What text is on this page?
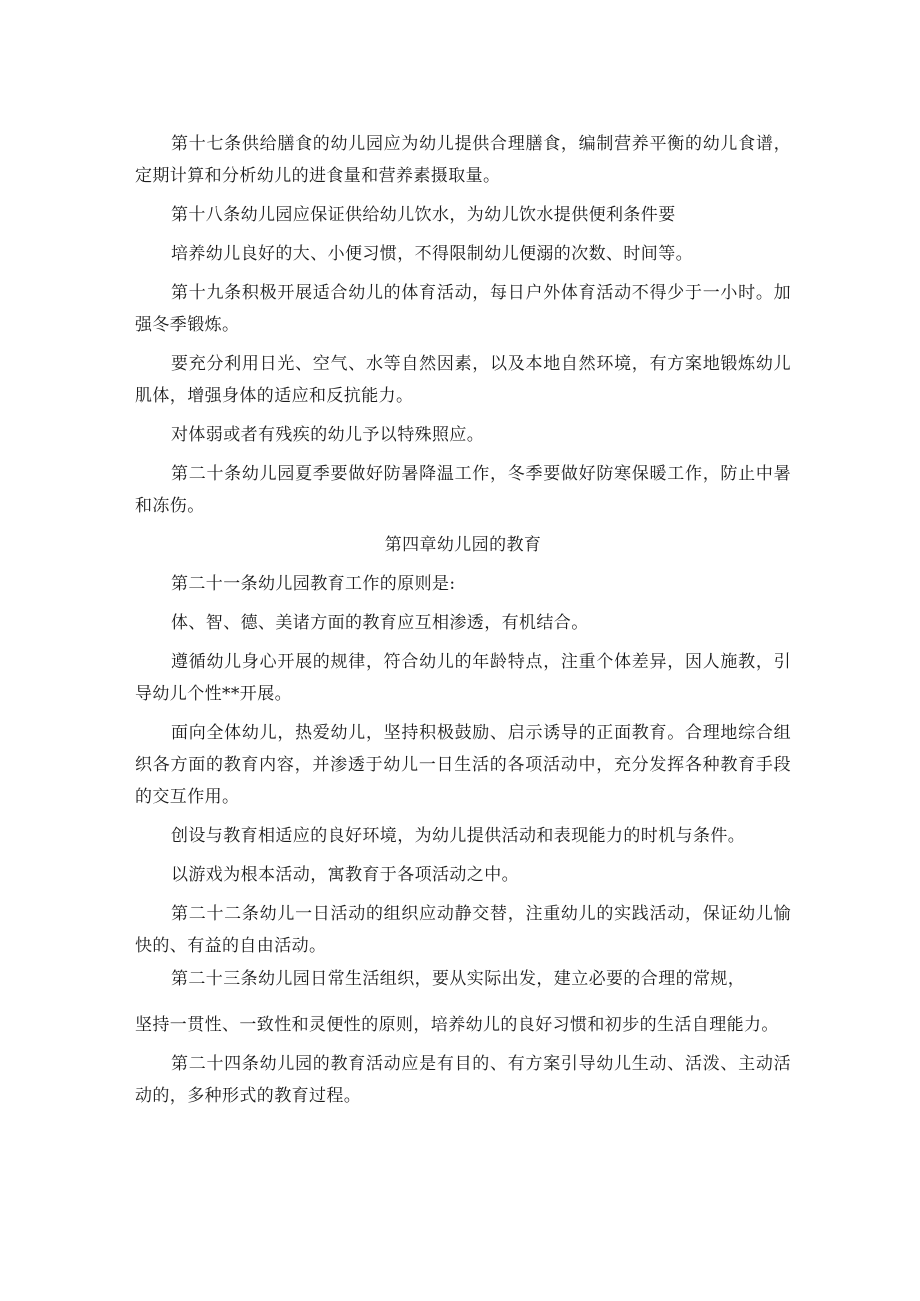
第十七条供给膳食的幼儿园应为幼儿提供合理膳食，编制营养平衡的幼儿食谱，定期计算和分析幼儿的进食量和营养素摄取量。

第十八条幼儿园应保证供给幼儿饮水，为幼儿饮水提供便利条件要

培养幼儿良好的大、小便习惯，不得限制幼儿便溺的次数、时间等。

第十九条积极开展适合幼儿的体育活动，每日户外体育活动不得少于一小时。加强冬季锻炼。

要充分利用日光、空气、水等自然因素，以及本地自然环境，有方案地锻炼幼儿肌体，增强身体的适应和反抗能力。

对体弱或者有残疾的幼儿予以特殊照应。

第二十条幼儿园夏季要做好防暑降温工作，冬季要做好防寒保暖工作，防止中暑和冻伤。

第四章幼儿园的教育

第二十一条幼儿园教育工作的原则是:

体、智、德、美诸方面的教育应互相渗透，有机结合。

遵循幼儿身心开展的规律，符合幼儿的年龄特点，注重个体差异，因人施教，引导幼儿个性**开展。

面向全体幼儿，热爱幼儿，坚持积极鼓励、启示诱导的正面教育。合理地综合组织各方面的教育内容，并渗透于幼儿一日生活的各项活动中，充分发挥各种教育手段的交互作用。

创设与教育相适应的良好环境，为幼儿提供活动和表现能力的时机与条件。

以游戏为根本活动，寓教育于各项活动之中。

第二十二条幼儿一日活动的组织应动静交替，注重幼儿的实践活动，保证幼儿愉快的、有益的自由活动。

第二十三条幼儿园日常生活组织，要从实际出发，建立必要的合理的常规，

坚持一贯性、一致性和灵便性的原则，培养幼儿的良好习惯和初步的生活自理能力。

第二十四条幼儿园的教育活动应是有目的、有方案引导幼儿生动、活泼、主动活动的，多种形式的教育过程。
